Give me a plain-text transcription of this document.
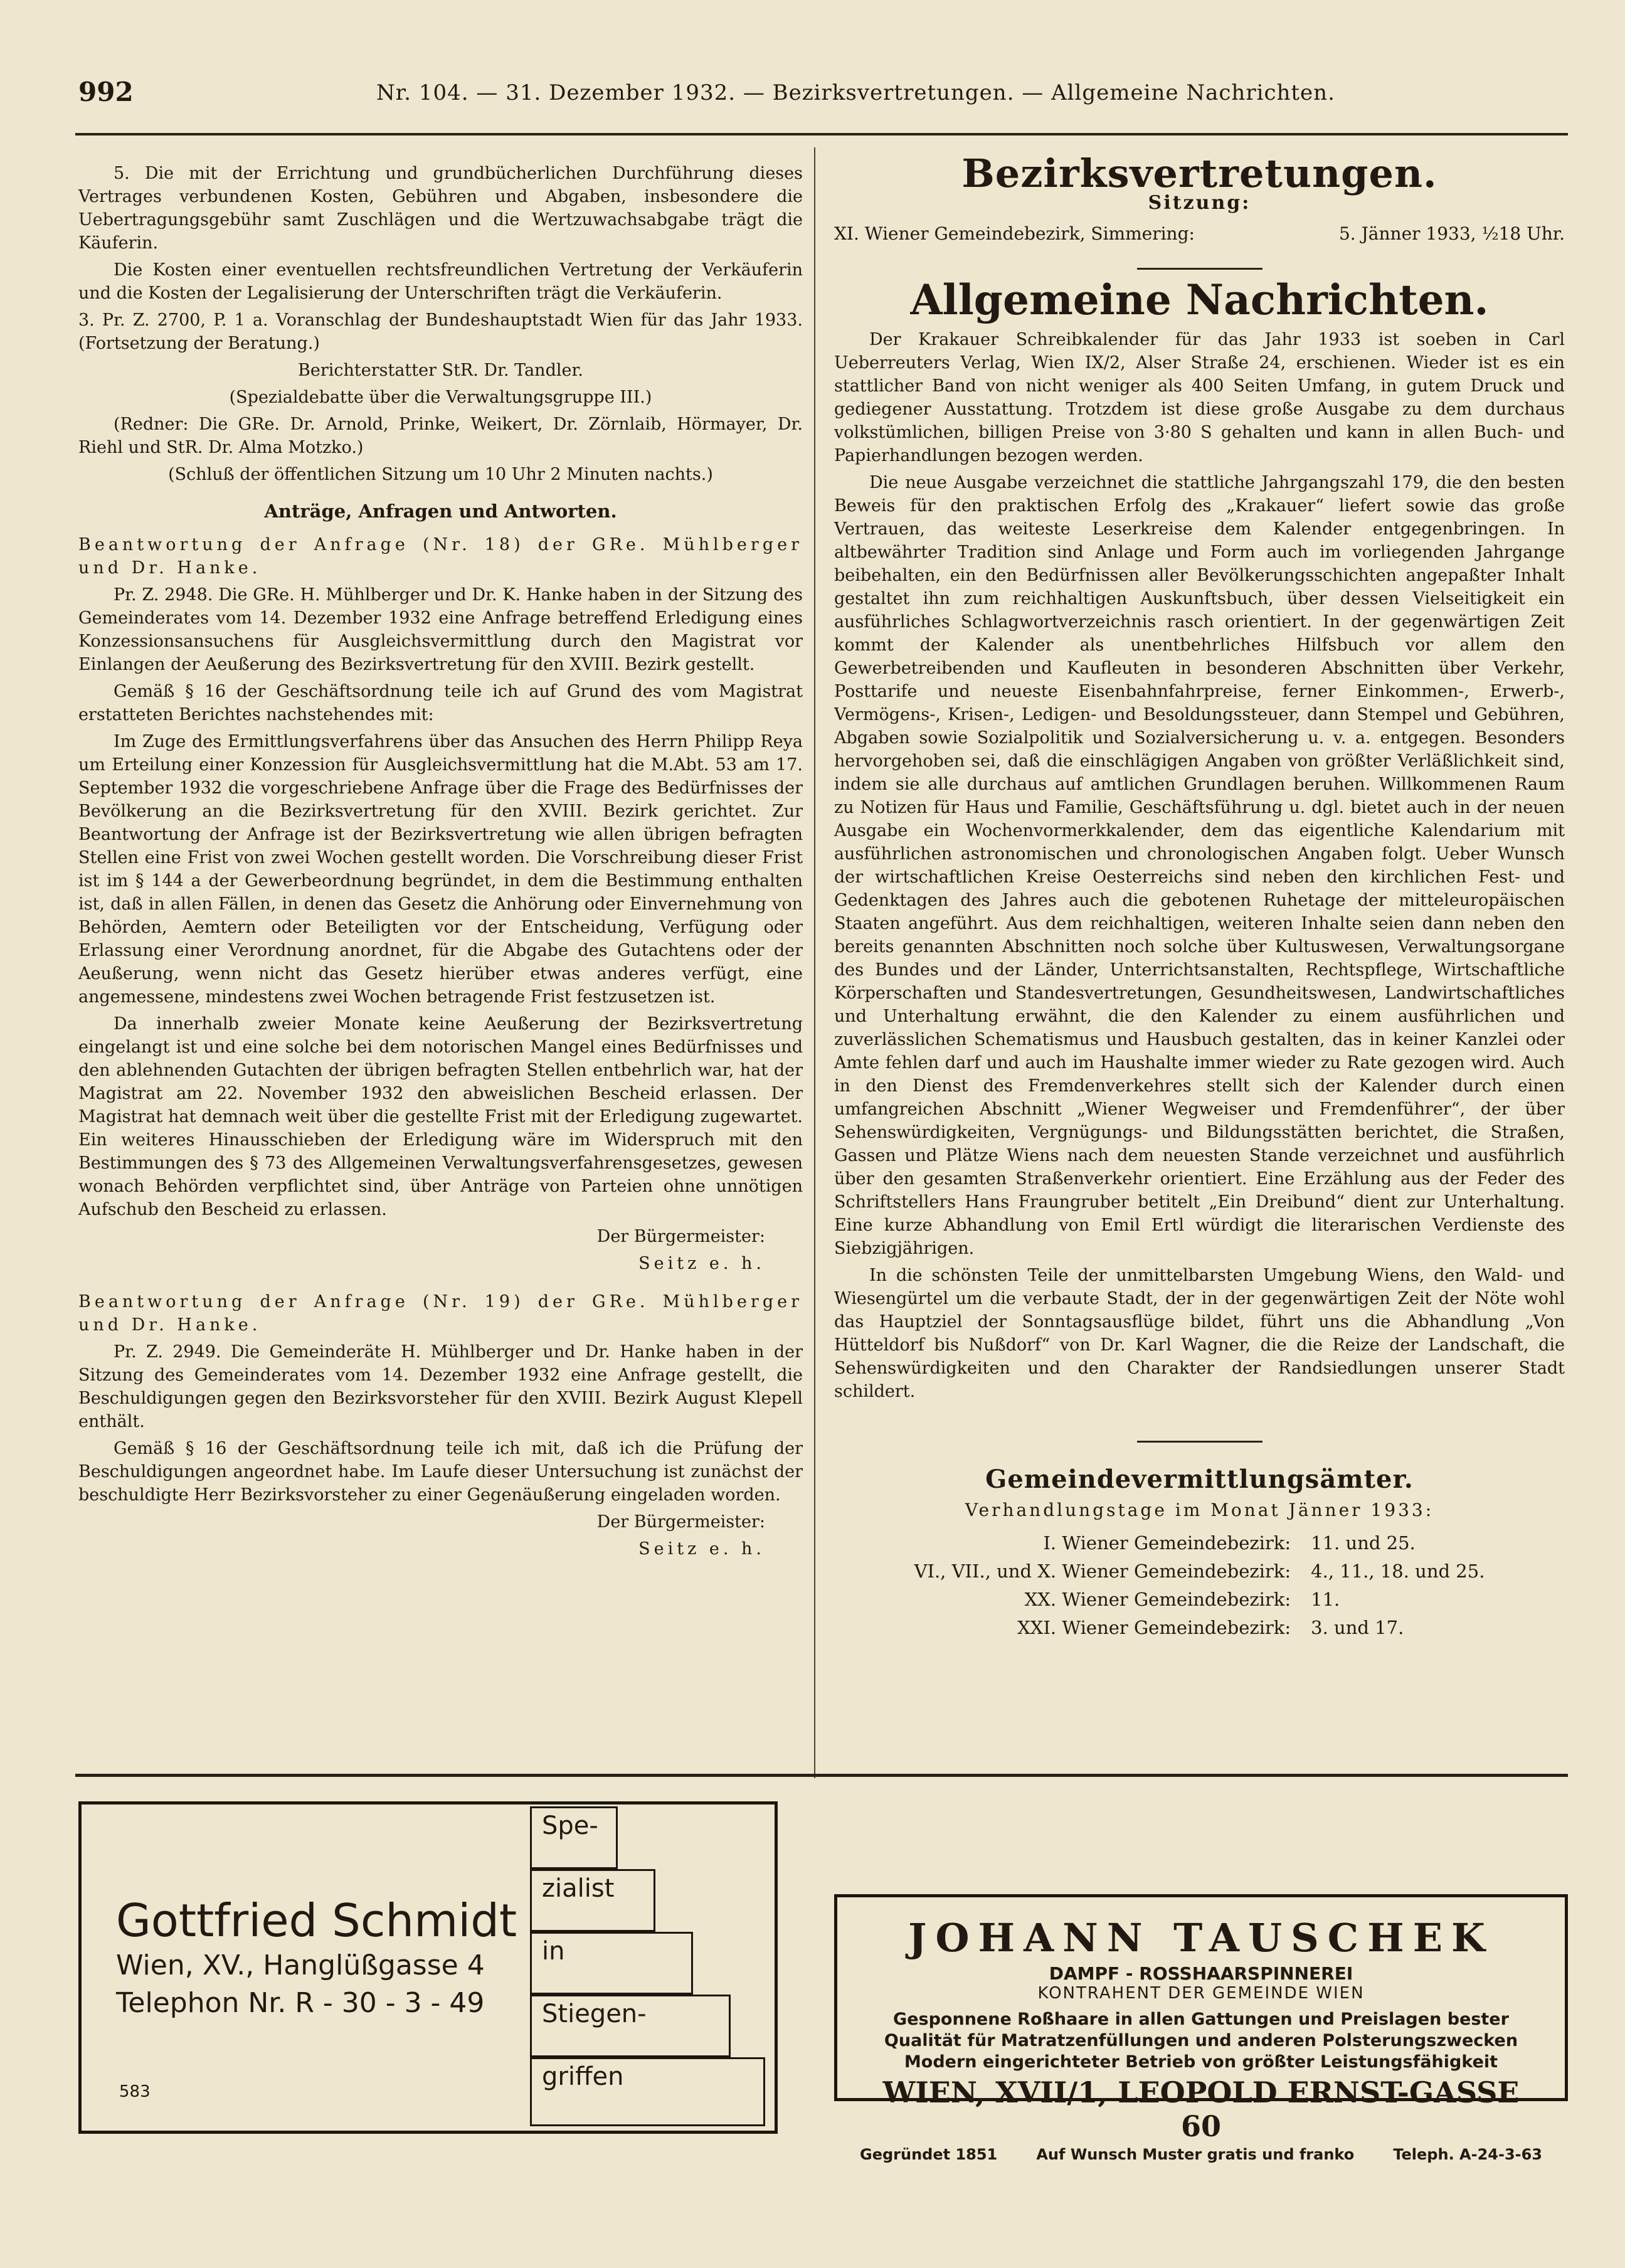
992	Nr. 104. — 31. Dezember 1932. — Bezirksvertretungen. — Allgemeine Nachrichten.

5. Die mit der Errichtung und grundbücherlichen Durchführung dieses Vertrages verbundenen Kosten, Gebühren und Abgaben, insbesondere die Uebertragungsgebühr samt Zuschlägen und die Wertzuwachsabgabe trägt die Käuferin.

Die Kosten einer eventuellen rechtsfreundlichen Vertretung der Verkäuferin und die Kosten der Legalisierung der Unterschriften trägt die Verkäuferin.

3. Pr. Z. 2700, P. 1 a. Voranschlag der Bundeshauptstadt Wien für das Jahr 1933. (Fortsetzung der Beratung.)

Berichterstatter StR. Dr. Tandler.

(Spezialdebatte über die Verwaltungsgruppe III.)

(Redner: Die GRe. Dr. Arnold, Prinke, Weikert, Dr. Zörnlaib, Hörmayer, Dr. Riehl und StR. Dr. Alma Motzko.)

(Schluß der öffentlichen Sitzung um 10 Uhr 2 Minuten nachts.)

Anträge, Anfragen und Antworten.

Beantwortung der Anfrage (Nr. 18) der GRe. Mühlberger und Dr. Hanke.

Pr. Z. 2948. Die GRe. H. Mühlberger und Dr. K. Hanke haben in der Sitzung des Gemeinderates vom 14. Dezember 1932 eine Anfrage betreffend Erledigung eines Konzessionsansuchens für Ausgleichsvermittlung durch den Magistrat vor Einlangen der Aeußerung des Bezirksvertretung für den XVIII. Bezirk gestellt.

Gemäß § 16 der Geschäftsordnung teile ich auf Grund des vom Magistrat erstatteten Berichtes nachstehendes mit:

Im Zuge des Ermittlungsverfahrens über das Ansuchen des Herrn Philipp Reya um Erteilung einer Konzession für Ausgleichsvermittlung hat die M.Abt. 53 am 17. September 1932 die vorgeschriebene Anfrage über die Frage des Bedürfnisses der Bevölkerung an die Bezirksvertretung für den XVIII. Bezirk gerichtet. Zur Beantwortung der Anfrage ist der Bezirksvertretung wie allen übrigen befragten Stellen eine Frist von zwei Wochen gestellt worden. Die Vorschreibung dieser Frist ist im § 144 a der Gewerbeordnung begründet, in dem die Bestimmung enthalten ist, daß in allen Fällen, in denen das Gesetz die Anhörung oder Einvernehmung von Behörden, Aemtern oder Beteiligten vor der Entscheidung, Verfügung oder Erlassung einer Verordnung anordnet, für die Abgabe des Gutachtens oder der Aeußerung, wenn nicht das Gesetz hierüber etwas anderes verfügt, eine angemessene, mindestens zwei Wochen betragende Frist festzusetzen ist.

Da innerhalb zweier Monate keine Aeußerung der Bezirksvertretung eingelangt ist und eine solche bei dem notorischen Mangel eines Bedürfnisses und den ablehnenden Gutachten der übrigen befragten Stellen entbehrlich war, hat der Magistrat am 22. November 1932 den abweislichen Bescheid erlassen. Der Magistrat hat demnach weit über die gestellte Frist mit der Erledigung zugewartet. Ein weiteres Hinausschieben der Erledigung wäre im Widerspruch mit den Bestimmungen des § 73 des Allgemeinen Verwaltungsverfahrensgesetzes, gewesen wonach Behörden verpflichtet sind, über Anträge von Parteien ohne unnötigen Aufschub den Bescheid zu erlassen.

Der Bürgermeister:

Seitz e. h.

Beantwortung der Anfrage (Nr. 19) der GRe. Mühlberger und Dr. Hanke.

Pr. Z. 2949. Die Gemeinderäte H. Mühlberger und Dr. Hanke haben in der Sitzung des Gemeinderates vom 14. Dezember 1932 eine Anfrage gestellt, die Beschuldigungen gegen den Bezirksvorsteher für den XVIII. Bezirk August Klepell enthält.

Gemäß § 16 der Geschäftsordnung teile ich mit, daß ich die Prüfung der Beschuldigungen angeordnet habe. Im Laufe dieser Untersuchung ist zunächst der beschuldigte Herr Bezirksvorsteher zu einer Gegenäußerung eingeladen worden.

Der Bürgermeister:

Seitz e. h.

Bezirksvertretungen.
Sitzung:
XI. Wiener Gemeindebezirk, Simmering:	5. Jänner 1933, ½18 Uhr.
Allgemeine Nachrichten.

Der Krakauer Schreibkalender für das Jahr 1933 ist soeben in Carl Ueberreuters Verlag, Wien IX/2, Alser Straße 24, erschienen. Wieder ist es ein stattlicher Band von nicht weniger als 400 Seiten Umfang, in gutem Druck und gediegener Ausstattung. Trotzdem ist diese große Ausgabe zu dem durchaus volkstümlichen, billigen Preise von 3·80 S gehalten und kann in allen Buch- und Papierhandlungen bezogen werden.

Die neue Ausgabe verzeichnet die stattliche Jahrgangszahl 179, die den besten Beweis für den praktischen Erfolg des „Krakauer“ liefert sowie das große Vertrauen, das weiteste Leserkreise dem Kalender entgegenbringen. In altbewährter Tradition sind Anlage und Form auch im vorliegenden Jahrgange beibehalten, ein den Bedürfnissen aller Bevölkerungsschichten angepaßter Inhalt gestaltet ihn zum reichhaltigen Auskunftsbuch, über dessen Vielseitigkeit ein ausführliches Schlagwortverzeichnis rasch orientiert. In der gegenwärtigen Zeit kommt der Kalender als unentbehrliches Hilfsbuch vor allem den Gewerbetreibenden und Kaufleuten in besonderen Abschnitten über Verkehr, Posttarife und neueste Eisenbahnfahrpreise, ferner Einkommen-, Erwerb-, Vermögens-, Krisen-, Ledigen- und Besoldungssteuer, dann Stempel und Gebühren, Abgaben sowie Sozialpolitik und Sozialversicherung u. v. a. entgegen. Besonders hervorgehoben sei, daß die einschlägigen Angaben von größter Verläßlichkeit sind, indem sie alle durchaus auf amtlichen Grundlagen beruhen. Willkommenen Raum zu Notizen für Haus und Familie, Geschäftsführung u. dgl. bietet auch in der neuen Ausgabe ein Wochenvormerkkalender, dem das eigentliche Kalendarium mit ausführlichen astronomischen und chronologischen Angaben folgt. Ueber Wunsch der wirtschaftlichen Kreise Oesterreichs sind neben den kirchlichen Fest- und Gedenktagen des Jahres auch die gebotenen Ruhetage der mitteleuropäischen Staaten angeführt. Aus dem reichhaltigen, weiteren Inhalte seien dann neben den bereits genannten Abschnitten noch solche über Kultuswesen, Verwaltungsorgane des Bundes und der Länder, Unterrichtsanstalten, Rechtspflege, Wirtschaftliche Körperschaften und Standesvertretungen, Gesundheitswesen, Landwirtschaftliches und Unterhaltung erwähnt, die den Kalender zu einem ausführlichen und zuverlässlichen Schematismus und Hausbuch gestalten, das in keiner Kanzlei oder Amte fehlen darf und auch im Haushalte immer wieder zu Rate gezogen wird. Auch in den Dienst des Fremdenverkehres stellt sich der Kalender durch einen umfangreichen Abschnitt „Wiener Wegweiser und Fremdenführer“, der über Sehenswürdigkeiten, Vergnügungs- und Bildungsstätten berichtet, die Straßen, Gassen und Plätze Wiens nach dem neuesten Stande verzeichnet und ausführlich über den gesamten Straßenverkehr orientiert. Eine Erzählung aus der Feder des Schriftstellers Hans Fraungruber betitelt „Ein Dreibund“ dient zur Unterhaltung. Eine kurze Abhandlung von Emil Ertl würdigt die literarischen Verdienste des Siebzigjährigen.

In die schönsten Teile der unmittelbarsten Umgebung Wiens, den Wald- und Wiesengürtel um die verbaute Stadt, der in der gegenwärtigen Zeit der Nöte wohl das Hauptziel der Sonntagsausflüge bildet, führt uns die Abhandlung „Von Hütteldorf bis Nußdorf“ von Dr. Karl Wagner, die die Reize der Landschaft, die Sehenswürdigkeiten und den Charakter der Randsiedlungen unserer Stadt schildert.

Gemeindevermittlungsämter.
Verhandlungstage im Monat Jänner 1933:
I. Wiener Gemeindebezirk:	11. und 25.
VI., VII., und X. Wiener Gemeindebezirk:	4., 11., 18. und 25.
XX. Wiener Gemeindebezirk:	11.
XXI. Wiener Gemeindebezirk:	3. und 17.

Gottfried Schmidt

Wien, XV., Hanglüßgasse 4

Telephon Nr. R - 30 - 3 - 49

583
Spe-
zialist
in
Stiegen-
griffen

JOHANN TAUSCHEK

DAMPF - ROSSHAARSPINNEREI

KONTRAHENT DER GEMEINDE WIEN

Gesponnene Roßhaare in allen Gattungen und Preislagen bester

Qualität für Matratzenfüllungen und anderen Polsterungszwecken

Modern eingerichteter Betrieb von größter Leistungsfähigkeit

WIEN, XVII/1, LEOPOLD ERNST-GASSE 60

Gegründet 1851	Auf Wunsch Muster gratis und franko	Teleph. A-24-3-63
